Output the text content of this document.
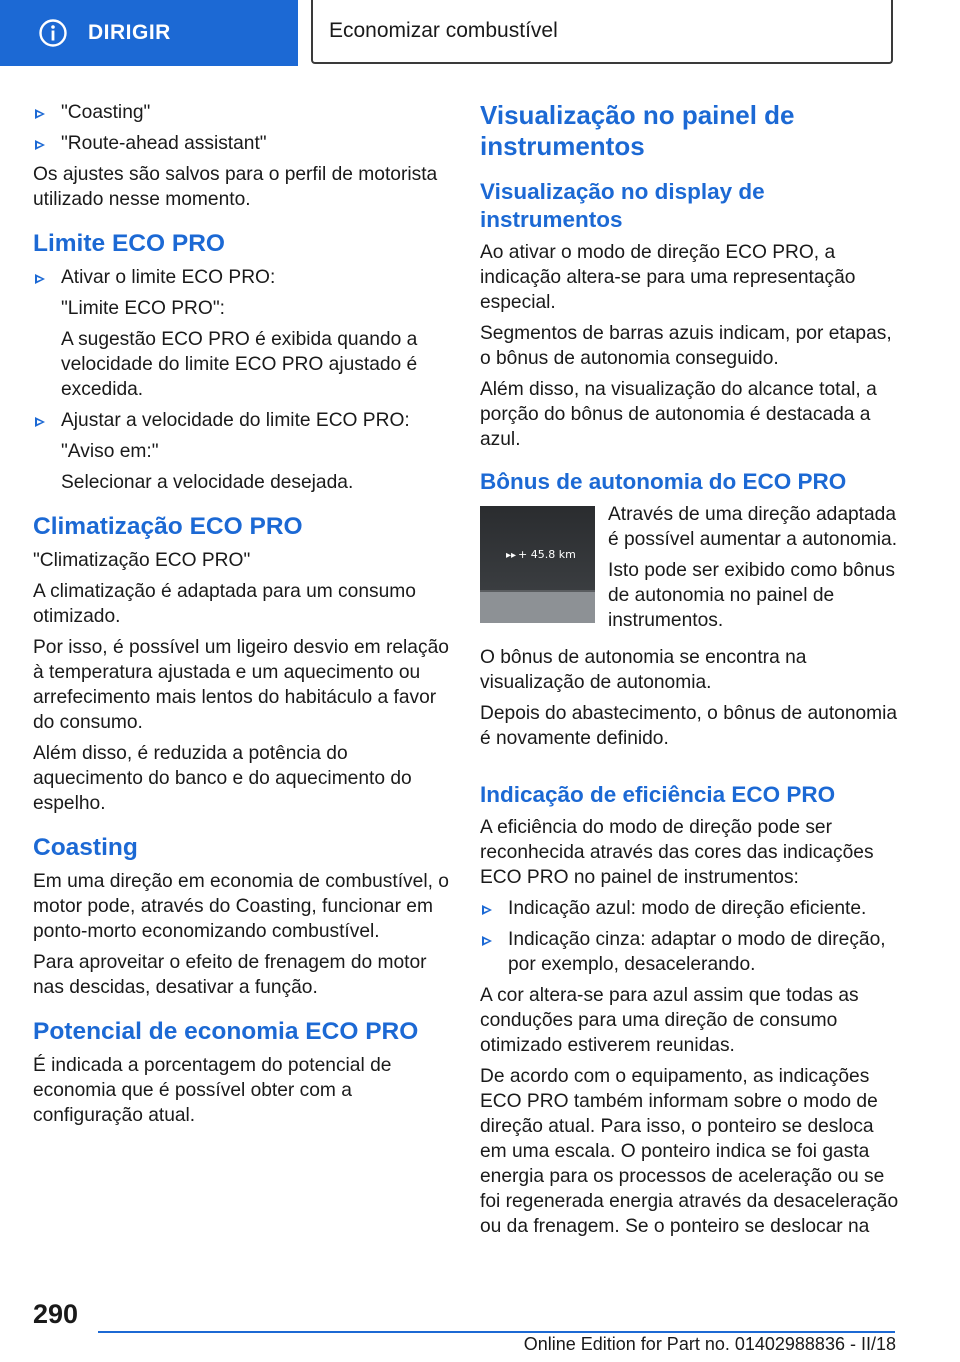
DIRIGIR	Economizar combustível
"Coasting"
"Route-ahead assistant"

Os ajustes são salvos para o perfil de motorista utilizado nesse momento.

Limite ECO PRO
Ativar o limite ECO PRO:

"Limite ECO PRO":

A sugestão ECO PRO é exibida quando a velocidade do limite ECO PRO ajustado é excedida.

Ajustar a velocidade do limite ECO PRO:

"Aviso em:"

Selecionar a velocidade desejada.

Climatização ECO PRO

"Climatização ECO PRO"

A climatização é adaptada para um consumo otimizado.

Por isso, é possível um ligeiro desvio em relação à temperatura ajustada e um aquecimento ou arrefecimento mais lentos do habitáculo a favor do consumo.

Além disso, é reduzida a potência do aquecimento do banco e do aquecimento do espelho.

Coasting

Em uma direção em economia de combustível, o motor pode, através do Coasting, funcionar em ponto-morto economizando combustível.

Para aproveitar o efeito de frenagem do motor nas descidas, desativar a função.

Potencial de economia ECO PRO

É indicada a porcentagem do potencial de economia que é possível obter com a configuração atual.

Visualização no painel de instrumentos
Visualização no display de instrumentos

Ao ativar o modo de direção ECO PRO, a indicação altera-se para uma representação especial.

Segmentos de barras azuis indicam, por etapas, o bônus de autonomia conseguido.

Além disso, na visualização do alcance total, a porção do bônus de autonomia é destacada a azul.

Bônus de autonomia do ECO PRO
▸▸ + 45.8 km

Através de uma direção adaptada é possível aumentar a autonomia.

Isto pode ser exibido como bônus de autonomia no painel de instrumentos.

O bônus de autonomia se encontra na visualização de autonomia.

Depois do abastecimento, o bônus de autonomia é novamente definido.

Indicação de eficiência ECO PRO

A eficiência do modo de direção pode ser reconhecida através das cores das indicações ECO PRO no painel de instrumentos:

Indicação azul: modo de direção eficiente.
Indicação cinza: adaptar o modo de direção, por exemplo, desacelerando.

A cor altera-se para azul assim que todas as conduções para uma direção de consumo otimizado estiverem reunidas.

De acordo com o equipamento, as indicações ECO PRO também informam sobre o modo de direção atual. Para isso, o ponteiro se desloca em uma escala. O ponteiro indica se foi gasta energia para os processos de aceleração ou se foi regenerada energia através da desaceleração ou da frenagem. Se o ponteiro se deslocar na

290
Online Edition for Part no. 01402988836 - II/18
